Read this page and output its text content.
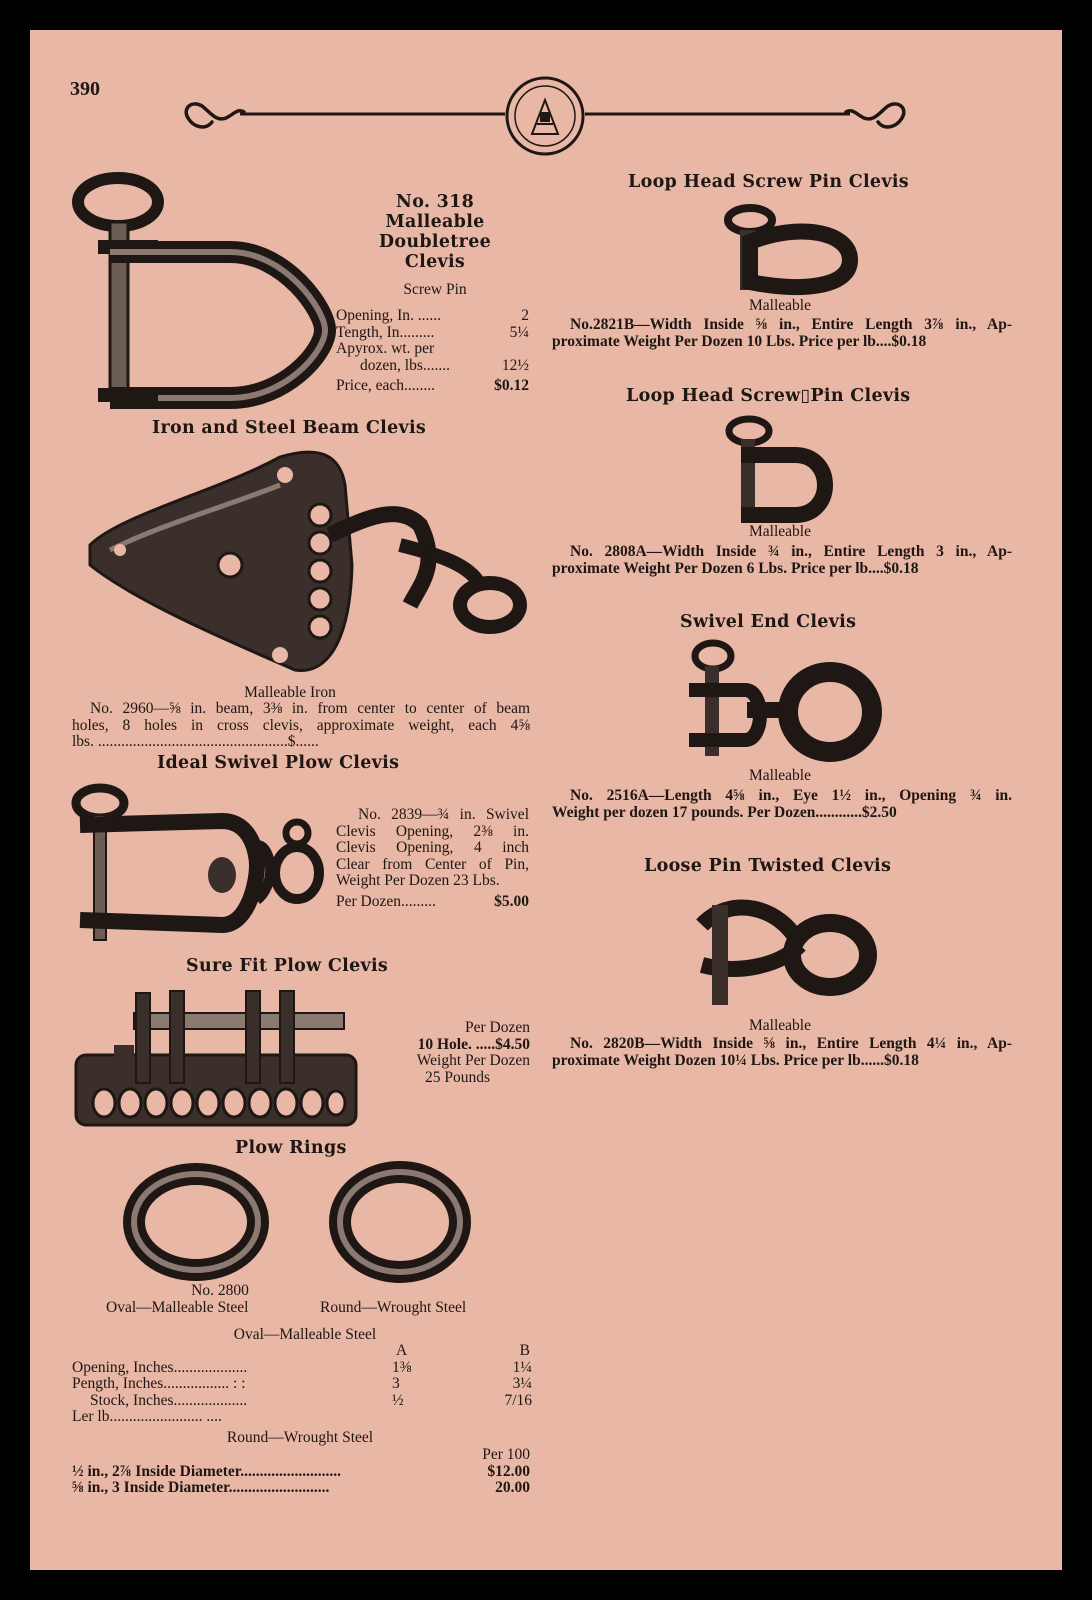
390
No. 318
Malleable
Doubletree
Clevis
Screw Pin
Opening, In. ......	2
Tength, In.........	5¼
Apyrox. wt. per
dozen, lbs.......	12½
Price, each........	$0.12
Iron and Steel Beam Clevis
Malleable Iron
No. 2960—⅝ in. beam, 3⅜ in. from center to center of beam
holes, 8 holes in cross clevis, approximate weight, each 4⅝
lbs. .................................................$......
Ideal Swivel Plow Clevis
No. 2839—¾ in. Swivel
Clevis Opening, 2⅜ in.
Clevis Opening, 4 inch
Clear from Center of Pin,
Weight Per Dozen 23 Lbs.
Per Dozen.........	$5.00
Sure Fit Plow Clevis
Per Dozen
10 Hole. .....$4.50
Weight Per Dozen
25 Pounds
Plow Rings
No. 2800
Oval—Malleable Steel	Round—Wrought Steel
Oval—Malleable Steel
A	B
Opening, Inches...................	1⅜	1¼
Pength, Inches................. : :	3	3¼
Stock, Inches...................	½	7/16
Ler lb........................ ....
Round—Wrought Steel
Per 100
½ in., 2⅞ Inside Diameter..........................	$12.00
⅝ in., 3 Inside Diameter..........................	20.00
Loop Head Screw Pin Clevis
Malleable
No.2821B—Width Inside ⅝ in., Entire Length 3⅞ in., Ap-
proximate Weight Per Dozen 10 Lbs. Price per lb....$0.18
Loop Head Screw▯Pin Clevis
Malleable
No. 2808A—Width Inside ¾ in., Entire Length 3 in., Ap-
proximate Weight Per Dozen 6 Lbs. Price per lb....$0.18
Swivel End Clevis
Malleable
No. 2516A—Length 4⅝ in., Eye 1½ in., Opening ¾ in.
Weight per dozen 17 pounds. Per Dozen............$2.50
Loose Pin Twisted Clevis
Malleable
No. 2820B—Width Inside ⅝ in., Entire Length 4¼ in., Ap-
proximate Weight Dozen 10¼ Lbs. Price per lb......$0.18
